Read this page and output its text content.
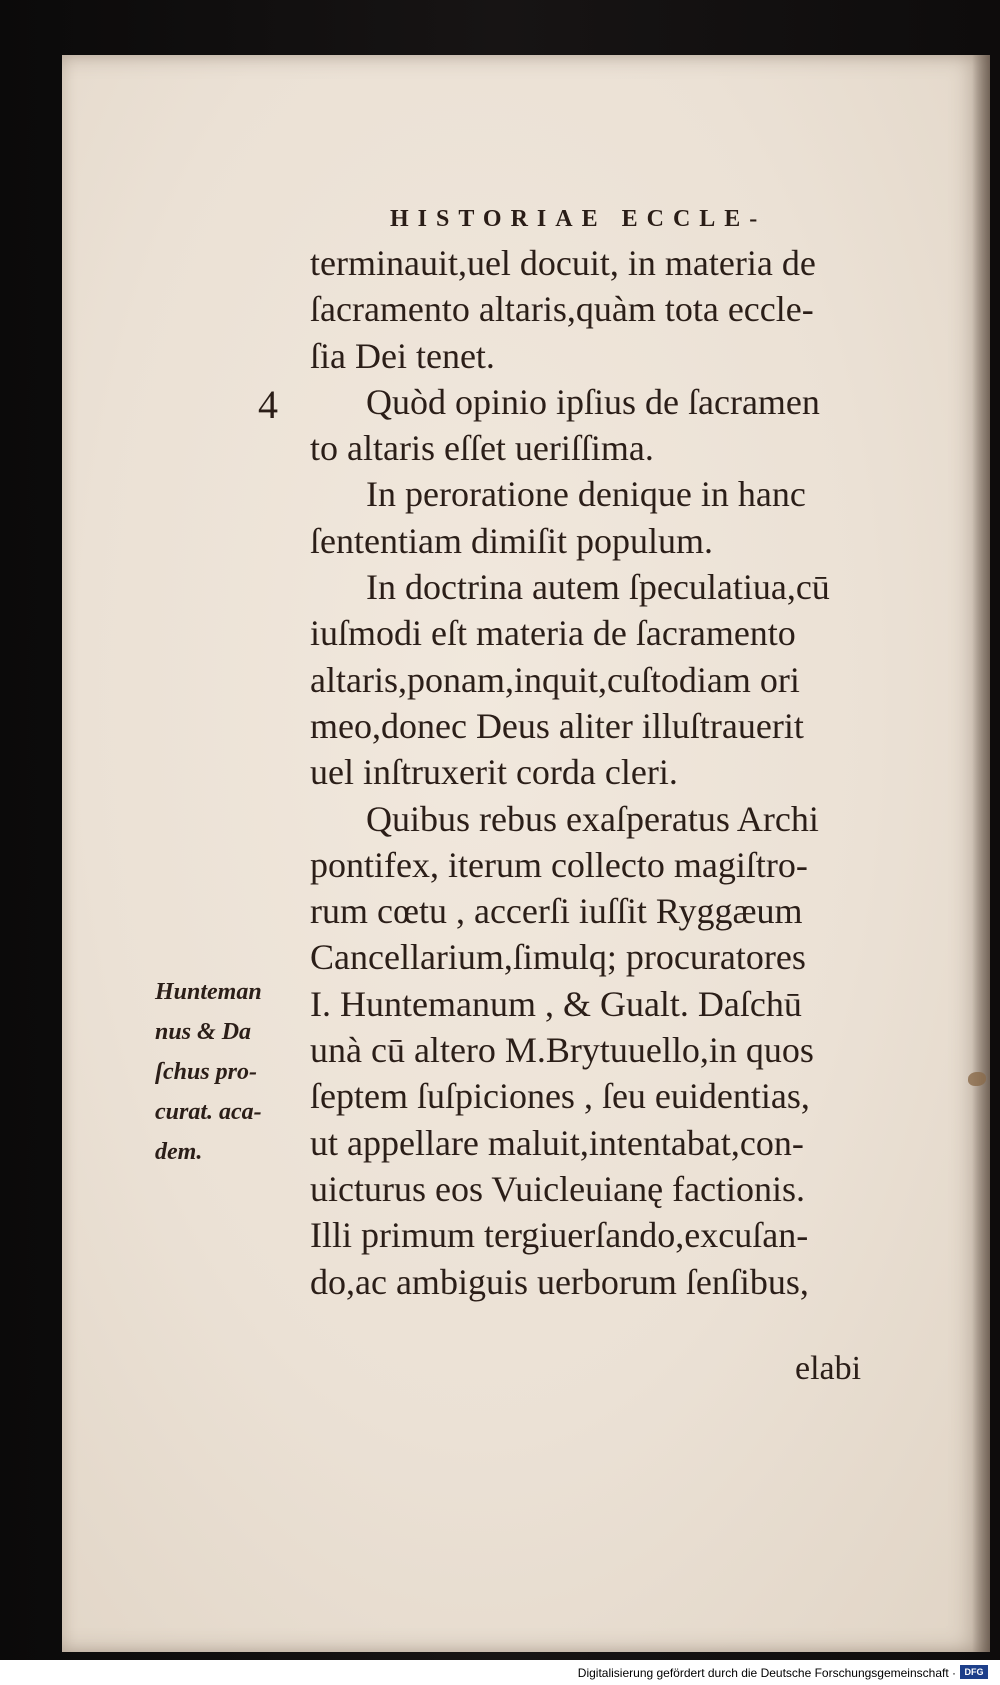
HISTORIAE ECCLE-
4
terminauit,uel docuit, in materia de
ſacramento altaris,quàm tota eccle-
ſia Dei tenet.
Quòd opinio ipſius de ſacramen
to altaris eſſet ueriſſima.
In peroratione denique in hanc
ſententiam dimiſit populum.
In doctrina autem ſpeculatiua,cū
iuſmodi eſt materia de ſacramento
altaris,ponam,inquit,cuſtodiam ori
meo,donec Deus aliter illuſtrauerit
uel inſtruxerit corda cleri.
Quibus rebus exaſperatus Archi
pontifex, iterum collecto magiſtro-
rum cœtu , accerſi iuſſit Ryggæum
Cancellarium,ſimulq; procuratores
I. Huntemanum , & Gualt. Daſchū
unà cū altero M.Brytuuello,in quos
ſeptem ſuſpiciones , ſeu euidentias,
ut appellare maluit,intentabat,con-
uicturus eos Vuicleuianę factionis.
Illi primum tergiuerſando,excuſan-
do,ac ambiguis uerborum ſenſibus,
Hunteman
nus & Da
ſchus pro-
curat. aca-
dem.
elabi
Digitalisierung gefördert durch die Deutsche Forschungsgemeinschaft · DFG
